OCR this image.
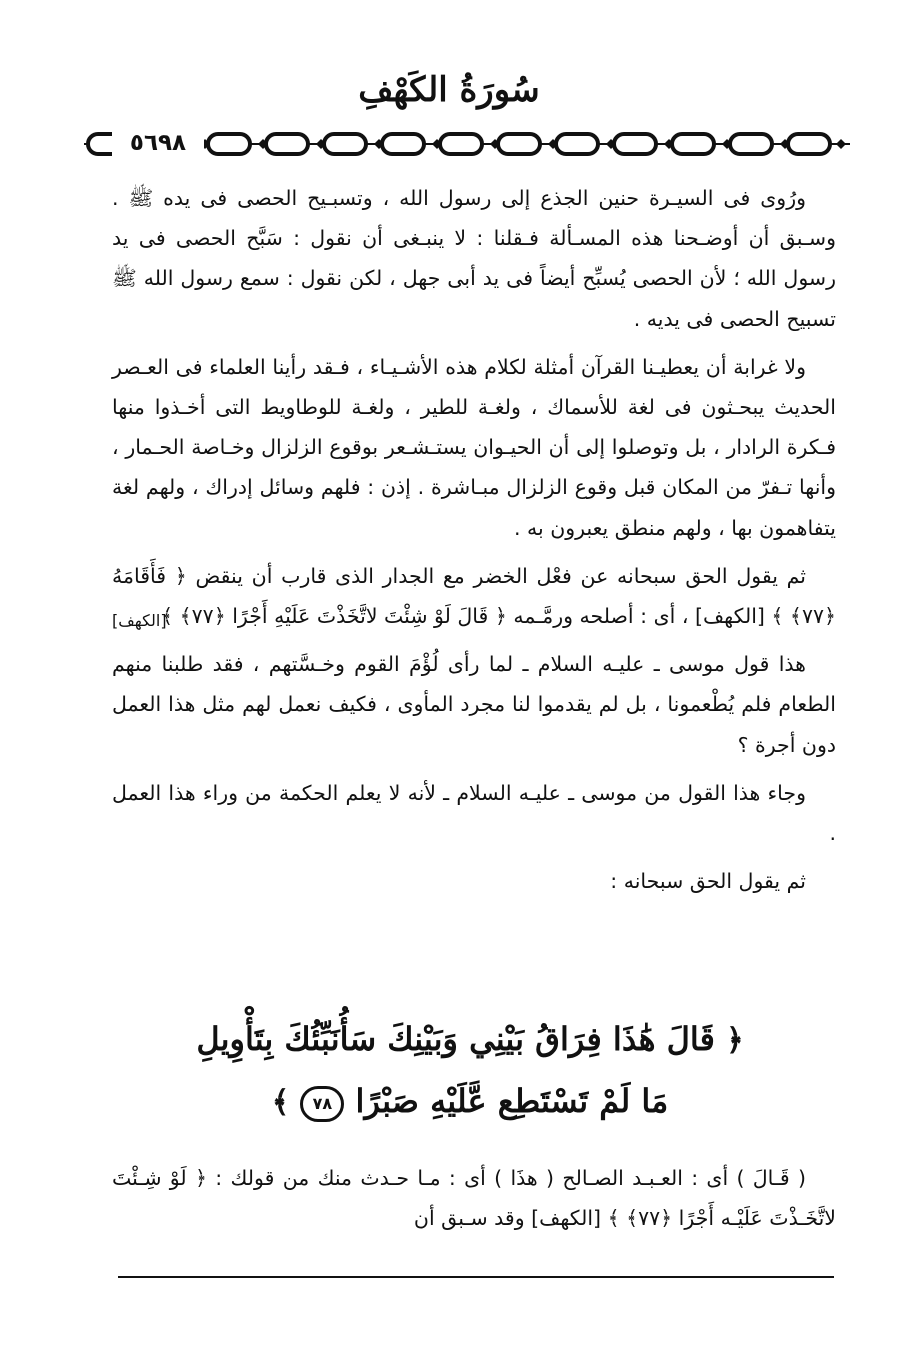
سُورَةُ الكَهْفِ
٥٦٩٨

ورُوى فى السيـرة حنين الجذع إلى رسول الله ، وتسبـيح الحصى فى يده ﷺ . وسـبق أن أوضـحنا هذه المسـألة فـقلنا : لا ينبـغى أن نقول : سَبَّح الحصى فى يد رسول الله ؛ لأن الحصى يُسبِّح أيضاً فى يد أبى جهل ، لكن نقول : سمع رسول الله ﷺ تسبيح الحصى فى يديه .

ولا غرابة أن يعطيـنا القرآن أمثلة لكلام هذه الأشـيـاء ، فـقد رأينا العلماء فى العـصر الحديث يبحـثون فى لغة للأسماك ، ولغـة للطير ، ولغـة للوطاويط التى أخـذوا منها فـكرة الرادار ، بل وتوصلوا إلى أن الحيـوان يستـشـعر بوقوع الزلزال وخـاصة الحـمار ، وأنها تـفرّ من المكان قبل وقوع الزلزال مبـاشرة . إذن : فلهم وسائل إدراك ، ولهم لغة يتفاهمون بها ، ولهم منطق يعبرون به .

ثم يقول الحق سبحانه عن فعْل الخضر مع الجدار الذى قارب أن ينقض ﴿ فَأَقَامَهُ ﴿٧٧﴾ ﴾ [الكهف] ، أى : أصلحه ورمَّـمه ﴿ قَالَ لَوْ شِئْتَ لاتَّخَذْتَ عَلَيْهِ أَجْرًا ﴿٧٧﴾ ﴾

[الكهف]

هذا قول موسى ـ عليـه السلام ـ لما رأى لُؤْمَ القوم وخـسَّتهم ، فقد طلبنا منهم الطعام فلم يُطْعمونا ، بل لم يقدموا لنا مجرد المأوى ، فكيف نعمل لهم مثل هذا العمل دون أجرة ؟

وجاء هذا القول من موسى ـ عليـه السلام ـ لأنه لا يعلم الحكمة من وراء هذا العمل .

ثم يقول الحق سبحانه :

﴿ قَالَ هَٰذَا فِرَاقُ بَيْنِي وَبَيْنِكَ سَأُنَبِّئُكَ بِتَأْوِيلِ
مَا لَمْ تَسْتَطِع عَّلَيْهِ صَبْرًا ٧٨ ﴾

( قَـالَ ) أى : العـبـد الصـالح ( هذَا ) أى : مـا حـدث منك من قولك : ﴿ لَوْ شِـئْتَ لاتَّخَـذْتَ عَلَيْـه أَجْرًا ﴿٧٧﴾ ﴾ [الكهف] وقد سـبق أن
